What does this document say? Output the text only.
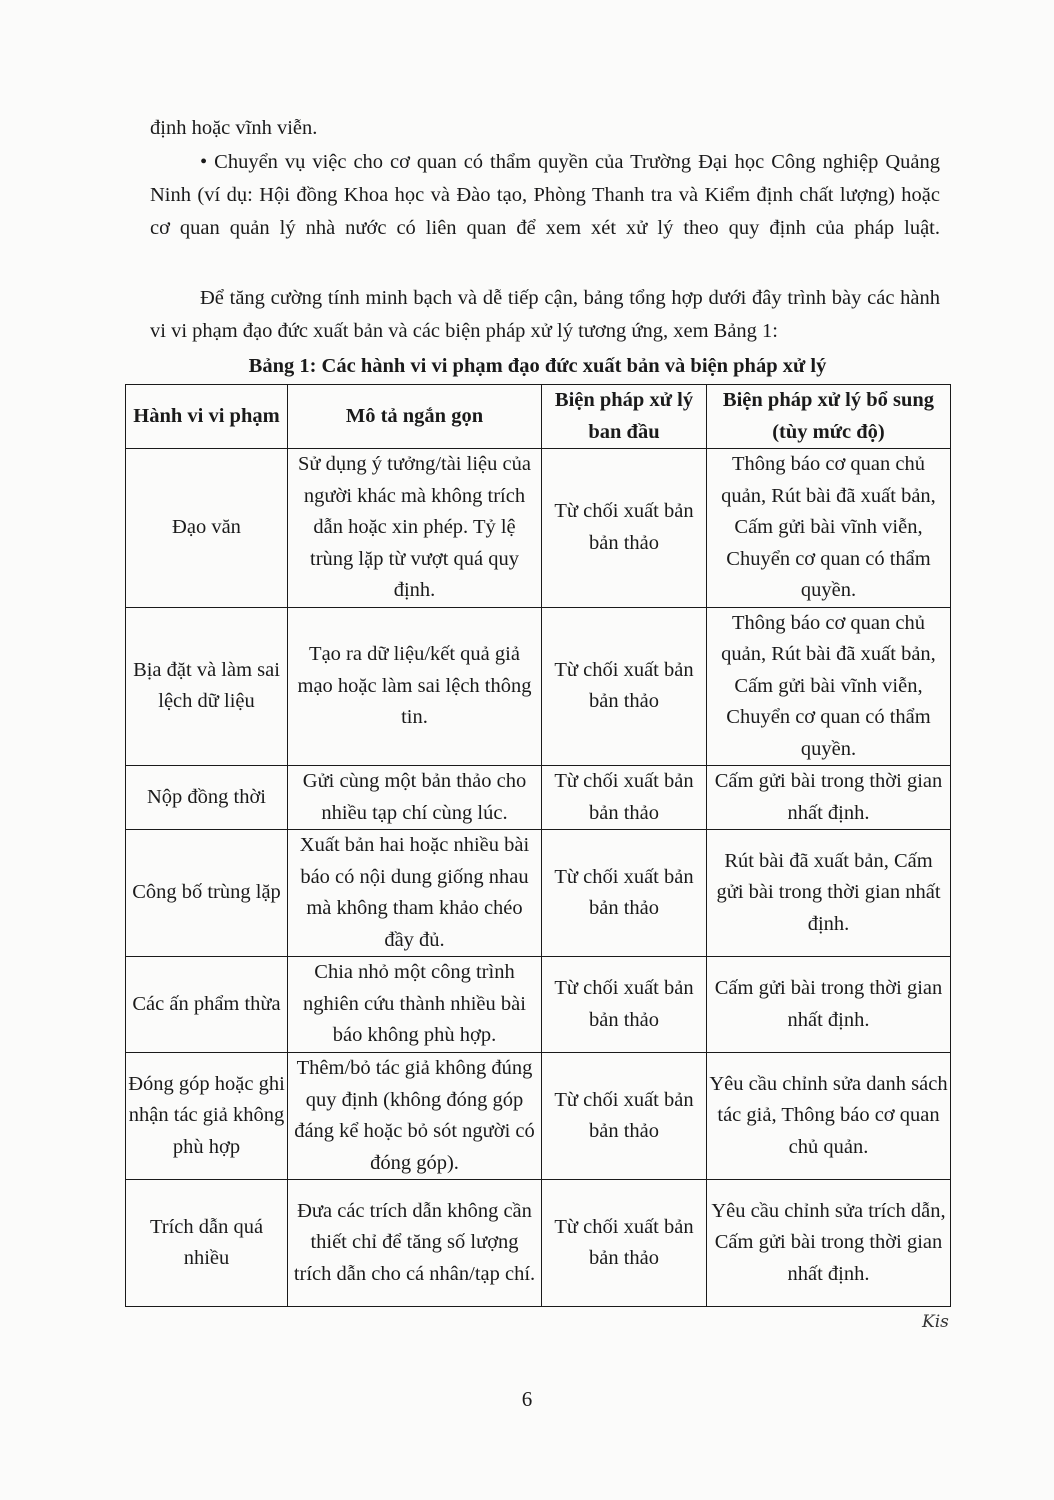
định hoặc vĩnh viễn.

• Chuyển vụ việc cho cơ quan có thẩm quyền của Trường Đại học Công nghiệp Quảng Ninh (ví dụ: Hội đồng Khoa học và Đào tạo, Phòng Thanh tra và Kiểm định chất lượng) hoặc cơ quan quản lý nhà nước có liên quan để xem xét xử lý theo quy định của pháp luật.

Để tăng cường tính minh bạch và dễ tiếp cận, bảng tổng hợp dưới đây trình bày các hành vi vi phạm đạo đức xuất bản và các biện pháp xử lý tương ứng, xem Bảng 1:

Bảng 1: Các hành vi vi phạm đạo đức xuất bản và biện pháp xử lý
Hành vi vi phạm	Mô tả ngắn gọn	Biện pháp xử lý ban đầu	Biện pháp xử lý bổ sung (tùy mức độ)
Đạo văn	Sử dụng ý tưởng/tài liệu của người khác mà không trích dẫn hoặc xin phép. Tỷ lệ trùng lặp từ vượt quá quy định.	Từ chối xuất bản bản thảo	Thông báo cơ quan chủ quản, Rút bài đã xuất bản, Cấm gửi bài vĩnh viễn, Chuyển cơ quan có thẩm quyền.
Bịa đặt và làm sai lệch dữ liệu	Tạo ra dữ liệu/kết quả giả mạo hoặc làm sai lệch thông tin.	Từ chối xuất bản bản thảo	Thông báo cơ quan chủ quản, Rút bài đã xuất bản, Cấm gửi bài vĩnh viễn, Chuyển cơ quan có thẩm quyền.
Nộp đồng thời	Gửi cùng một bản thảo cho nhiều tạp chí cùng lúc.	Từ chối xuất bản bản thảo	Cấm gửi bài trong thời gian nhất định.
Công bố trùng lặp	Xuất bản hai hoặc nhiều bài báo có nội dung giống nhau mà không tham khảo chéo đầy đủ.	Từ chối xuất bản bản thảo	Rút bài đã xuất bản, Cấm gửi bài trong thời gian nhất định.
Các ấn phẩm thừa	Chia nhỏ một công trình nghiên cứu thành nhiều bài báo không phù hợp.	Từ chối xuất bản bản thảo	Cấm gửi bài trong thời gian nhất định.
Đóng góp hoặc ghi nhận tác giả không phù hợp	Thêm/bỏ tác giả không đúng quy định (không đóng góp đáng kể hoặc bỏ sót người có đóng góp).	Từ chối xuất bản bản thảo	Yêu cầu chỉnh sửa danh sách tác giả, Thông báo cơ quan chủ quản.
Trích dẫn quá nhiều	Đưa các trích dẫn không cần thiết chỉ để tăng số lượng trích dẫn cho cá nhân/tạp chí.	Từ chối xuất bản bản thảo	Yêu cầu chỉnh sửa trích dẫn, Cấm gửi bài trong thời gian nhất định.
Kis
6
